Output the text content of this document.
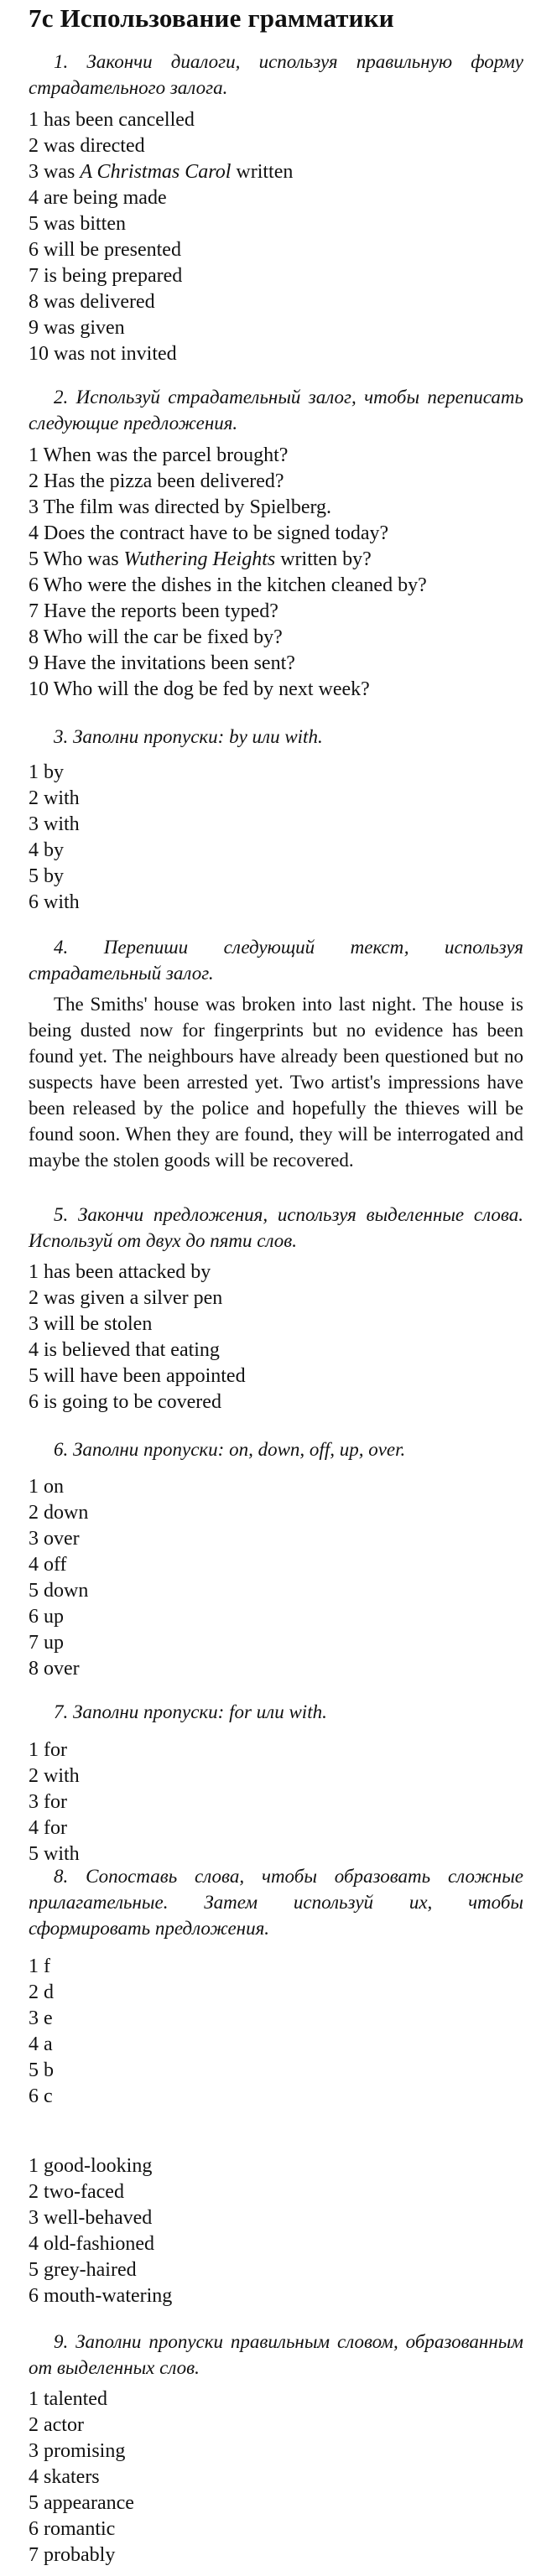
7c Использование грамматики
1. Закончи диалоги, используя правильную форму страдательного залога.
1 has been cancelled
2 was directed
3 was A Christmas Carol written
4 are being made
5 was bitten
6 will be presented
7 is being prepared
8 was delivered
9 was given
10 was not invited
2. Используй страдательный залог, чтобы переписать следующие предложения.
1 When was the parcel brought?
2 Has the pizza been delivered?
3 The film was directed by Spielberg.
4 Does the contract have to be signed today?
5 Who was Wuthering Heights written by?
6 Who were the dishes in the kitchen cleaned by?
7 Have the reports been typed?
8 Who will the car be fixed by?
9 Have the invitations been sent?
10 Who will the dog be fed by next week?
3. Заполни пропуски: by или with.
1 by
2 with
3 with
4 by
5 by
6 with
4. Перепиши следующий текст, используя страдательный залог.
The Smiths' house was broken into last night. The house is being dusted now for fingerprints but no evidence has been found yet. The neighbours have already been questioned but no suspects have been arrested yet. Two artist's impressions have been released by the police and hopefully the thieves will be found soon. When they are found, they will be interrogated and maybe the stolen goods will be recovered.
5. Закончи предложения, используя выделенные слова. Используй от двух до пяти слов.
1 has been attacked by
2 was given a silver pen
3 will be stolen
4 is believed that eating
5 will have been appointed
6 is going to be covered
6. Заполни пропуски: on, down, off, up, over.
1 on
2 down
3 over
4 off
5 down
6 up
7 up
8 over
7. Заполни пропуски: for или with.
1 for
2 with
3 for
4 for
5 with
8. Сопоставь слова, чтобы образовать сложные прилагательные. Затем используй их, чтобы сформировать предложения.
1 f
2 d
3 e
4 a
5 b
6 c
1 good-looking
2 two-faced
3 well-behaved
4 old-fashioned
5 grey-haired
6 mouth-watering
9. Заполни пропуски правильным словом, образованным от выделенных слов.
1 talented
2 actor
3 promising
4 skaters
5 appearance
6 romantic
7 probably
